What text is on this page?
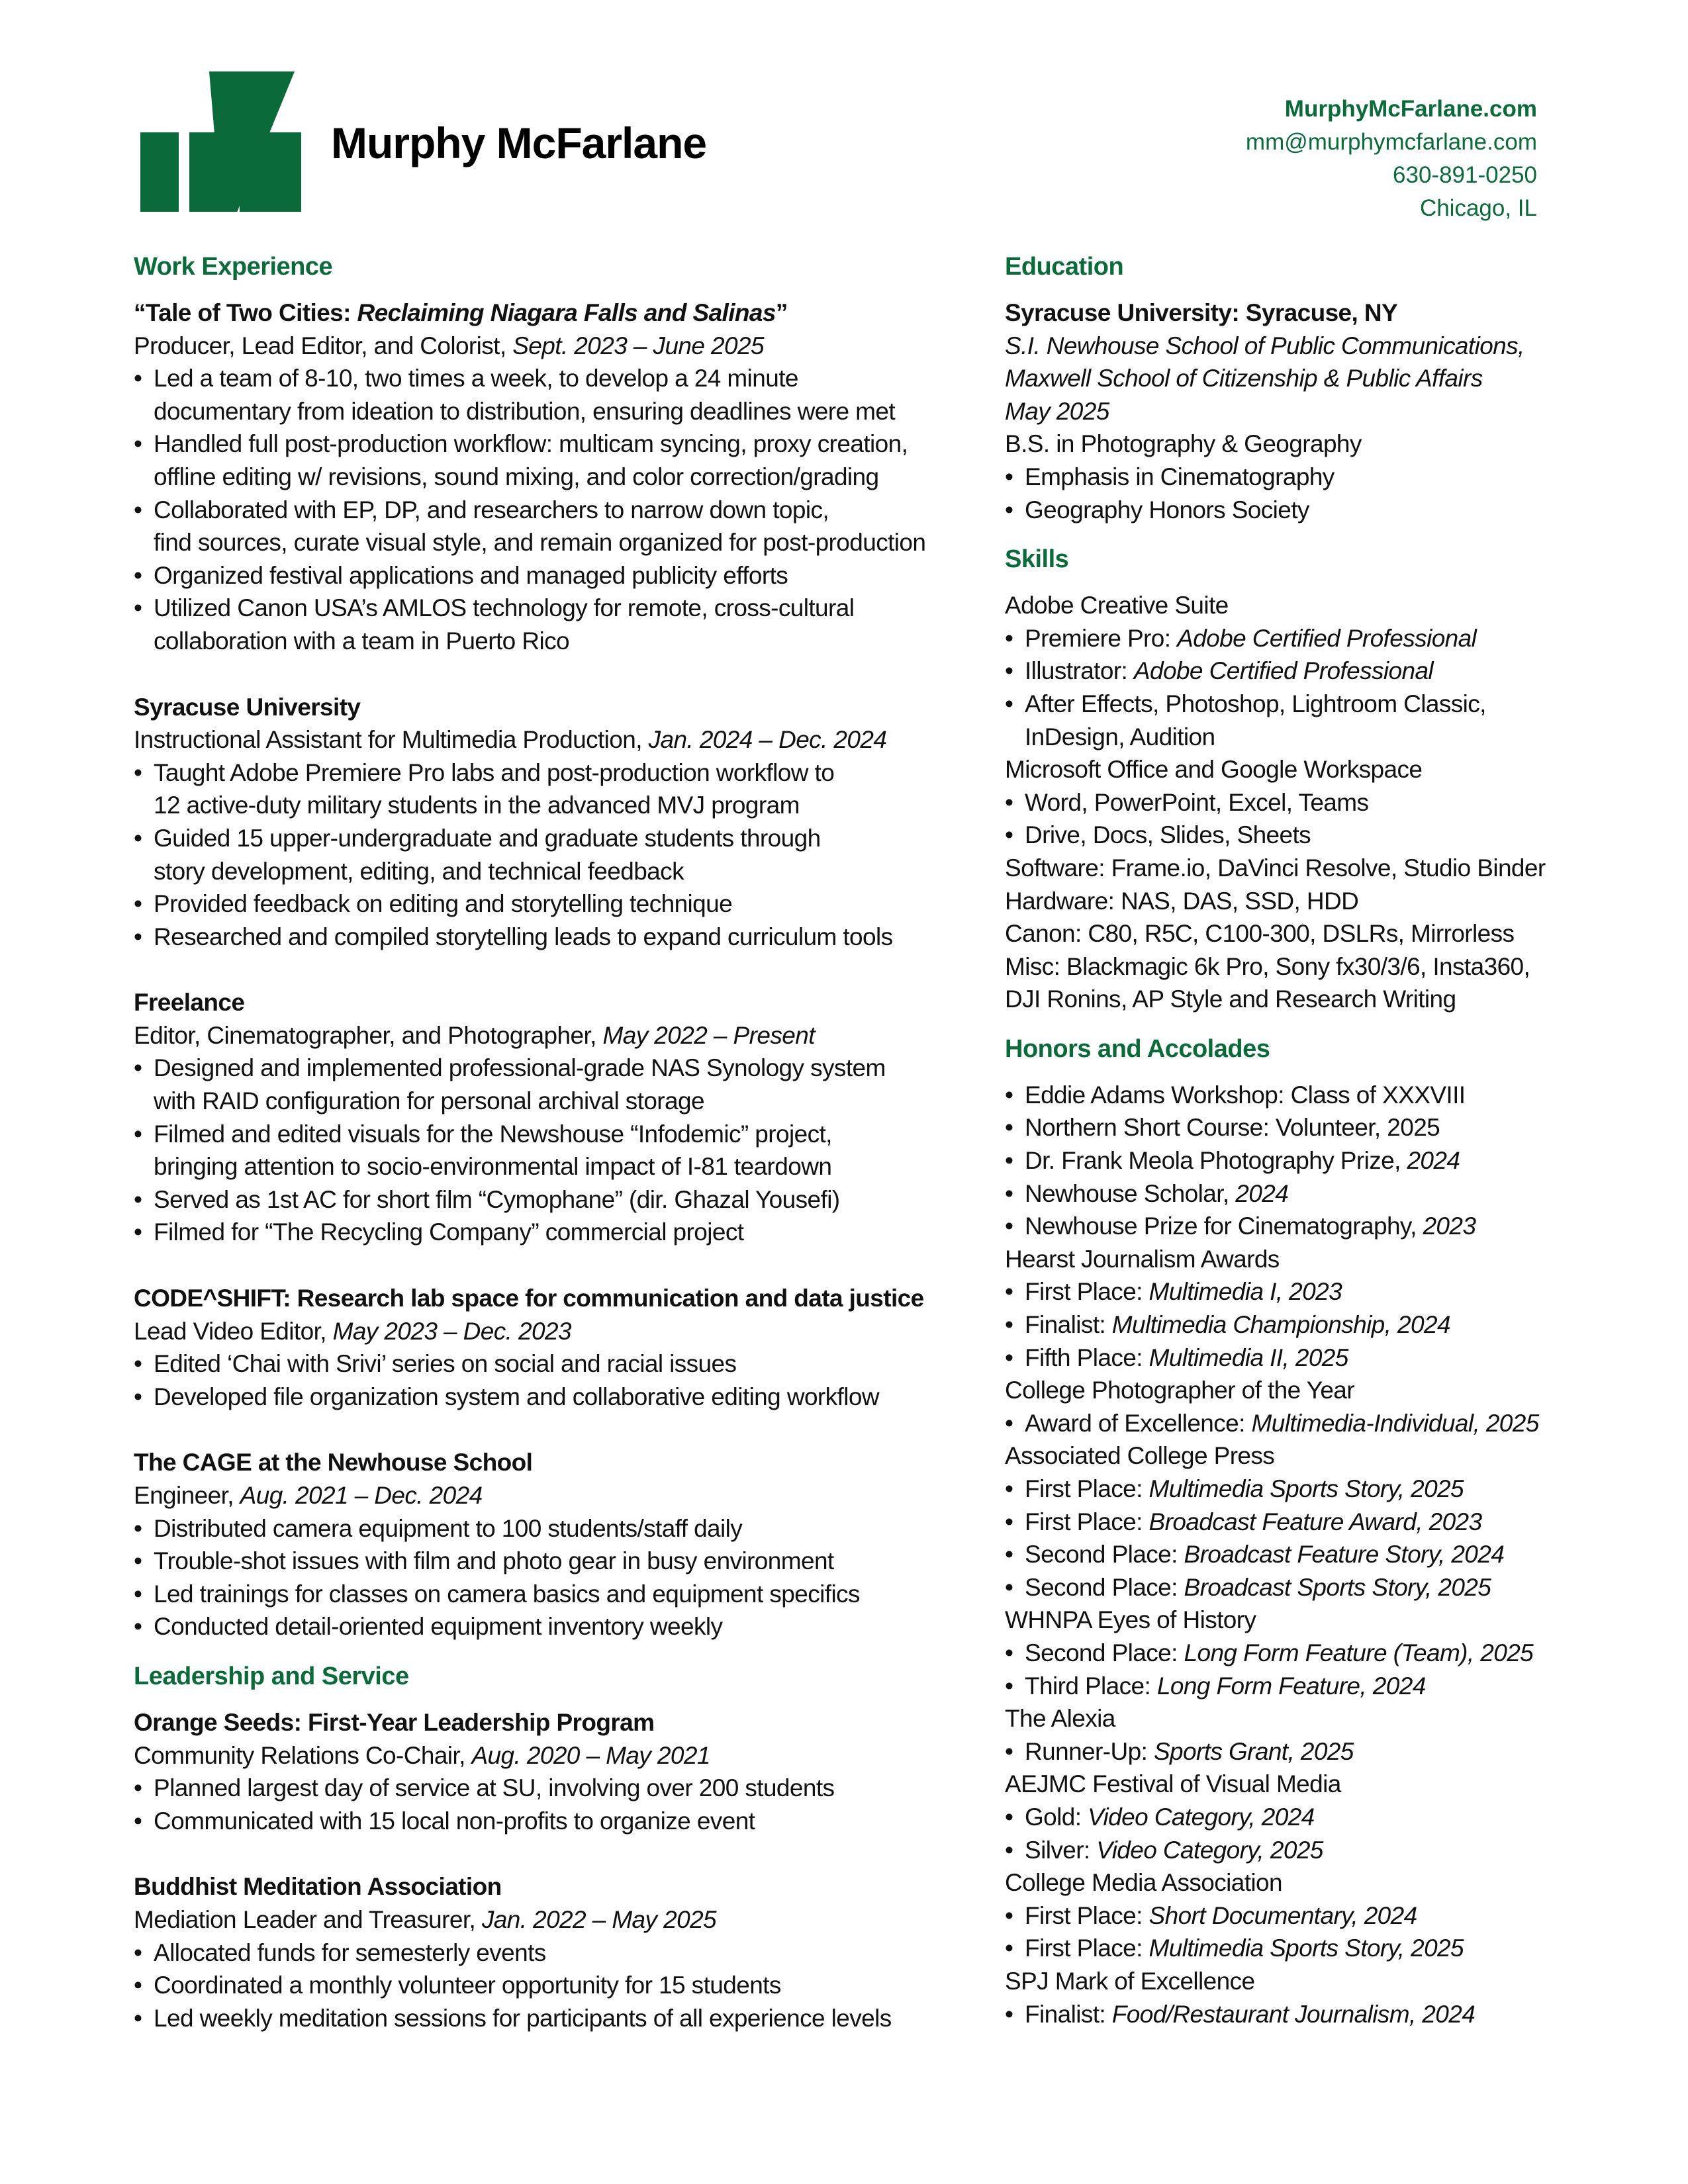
Murphy McFarlane
MurphyMcFarlane.com
mm@murphymcfarlane.com
630-891-0250
Chicago, IL
Work Experience
“Tale of Two Cities: Reclaiming Niagara Falls and Salinas”
Producer, Lead Editor, and Colorist, Sept. 2023 – June 2025
• Led a team of 8-10, two times a week, to develop a 24 minute
documentary from ideation to distribution, ensuring deadlines were met
• Handled full post-production workflow: multicam syncing, proxy creation,
offline editing w/ revisions, sound mixing, and color correction/grading
• Collaborated with EP, DP, and researchers to narrow down topic,
find sources, curate visual style, and remain organized for post-production
• Organized festival applications and managed publicity efforts
• Utilized Canon USA’s AMLOS technology for remote, cross-cultural
collaboration with a team in Puerto Rico
Syracuse University
Instructional Assistant for Multimedia Production, Jan. 2024 – Dec. 2024
• Taught Adobe Premiere Pro labs and post-production workflow to
12 active-duty military students in the advanced MVJ program
• Guided 15 upper-undergraduate and graduate students through
story development, editing, and technical feedback
• Provided feedback on editing and storytelling technique
• Researched and compiled storytelling leads to expand curriculum tools
Freelance
Editor, Cinematographer, and Photographer, May 2022 – Present
• Designed and implemented professional-grade NAS Synology system
with RAID configuration for personal archival storage
• Filmed and edited visuals for the Newshouse “Infodemic” project,
bringing attention to socio-environmental impact of I-81 teardown
• Served as 1st AC for short film “Cymophane” (dir. Ghazal Yousefi)
• Filmed for “The Recycling Company” commercial project
CODE^SHIFT: Research lab space for communication and data justice
Lead Video Editor, May 2023 – Dec. 2023
• Edited ‘Chai with Srivi’ series on social and racial issues
• Developed file organization system and collaborative editing workflow
The CAGE at the Newhouse School
Engineer, Aug. 2021 – Dec. 2024
• Distributed camera equipment to 100 students/staff daily
• Trouble-shot issues with film and photo gear in busy environment
• Led trainings for classes on camera basics and equipment specifics
• Conducted detail-oriented equipment inventory weekly
Leadership and Service
Orange Seeds: First-Year Leadership Program
Community Relations Co-Chair, Aug. 2020 – May 2021
• Planned largest day of service at SU, involving over 200 students
• Communicated with 15 local non-profits to organize event
Buddhist Meditation Association
Mediation Leader and Treasurer, Jan. 2022 – May 2025
• Allocated funds for semesterly events
• Coordinated a monthly volunteer opportunity for 15 students
• Led weekly meditation sessions for participants of all experience levels
Education
Syracuse University: Syracuse, NY
S.I. Newhouse School of Public Communications,
Maxwell School of Citizenship & Public Affairs
May 2025
B.S. in Photography & Geography
• Emphasis in Cinematography
• Geography Honors Society
Skills
Adobe Creative Suite
• Premiere Pro: Adobe Certified Professional
• Illustrator: Adobe Certified Professional
• After Effects, Photoshop, Lightroom Classic,
InDesign, Audition
Microsoft Office and Google Workspace
• Word, PowerPoint, Excel, Teams
• Drive, Docs, Slides, Sheets
Software: Frame.io, DaVinci Resolve, Studio Binder
Hardware: NAS, DAS, SSD, HDD
Canon: C80, R5C, C100-300, DSLRs, Mirrorless
Misc: Blackmagic 6k Pro, Sony fx30/3/6, Insta360,
DJI Ronins, AP Style and Research Writing
Honors and Accolades
• Eddie Adams Workshop: Class of XXXVIII
• Northern Short Course: Volunteer, 2025
• Dr. Frank Meola Photography Prize, 2024
• Newhouse Scholar, 2024
• Newhouse Prize for Cinematography, 2023
Hearst Journalism Awards
• First Place: Multimedia I, 2023
• Finalist: Multimedia Championship, 2024
• Fifth Place: Multimedia II, 2025
College Photographer of the Year
• Award of Excellence: Multimedia-Individual, 2025
Associated College Press
• First Place: Multimedia Sports Story, 2025
• First Place: Broadcast Feature Award, 2023
• Second Place: Broadcast Feature Story, 2024
• Second Place: Broadcast Sports Story, 2025
WHNPA Eyes of History
• Second Place: Long Form Feature (Team), 2025
• Third Place: Long Form Feature, 2024
The Alexia
• Runner-Up: Sports Grant, 2025
AEJMC Festival of Visual Media
• Gold: Video Category, 2024
• Silver: Video Category, 2025
College Media Association
• First Place: Short Documentary, 2024
• First Place: Multimedia Sports Story, 2025
SPJ Mark of Excellence
• Finalist: Food/Restaurant Journalism, 2024
